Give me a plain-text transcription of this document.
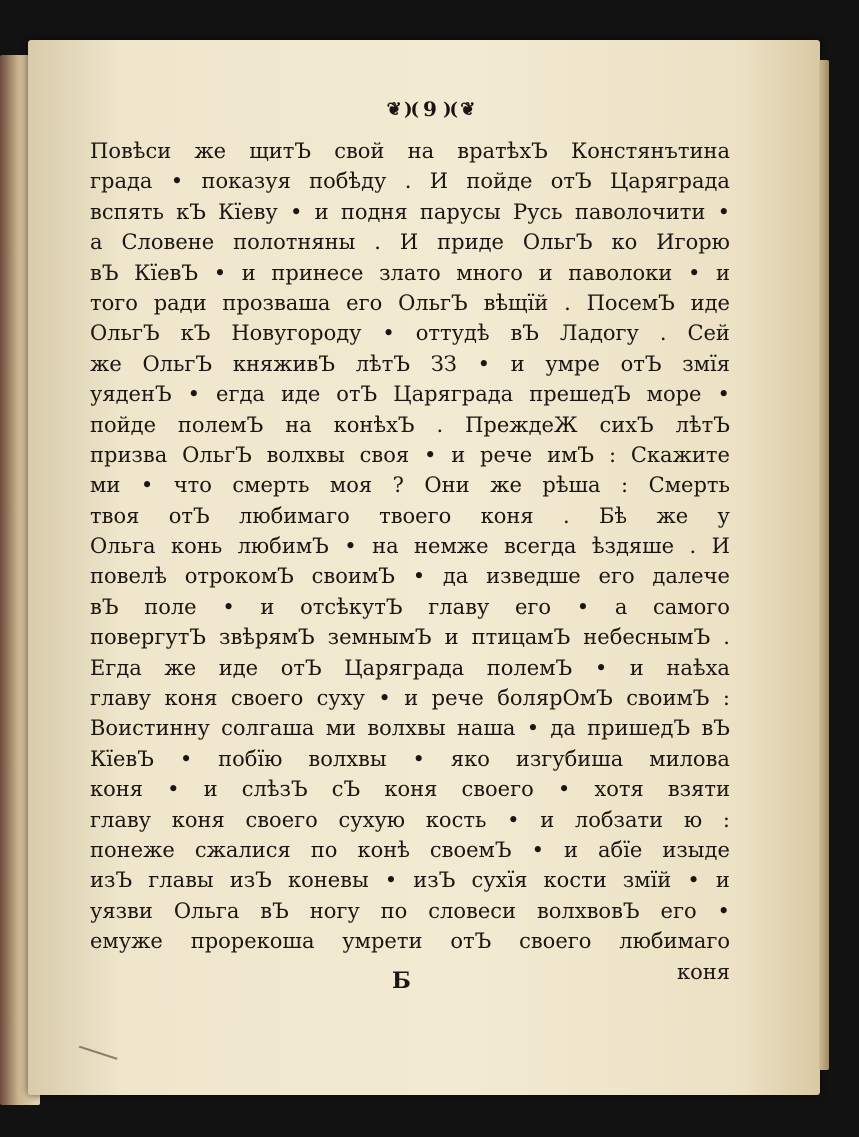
❦ )( 9 )( ❦
Повѣси же щитЪ свой на вратѣхЪ Констянътина
града • показуя побѣду . И пойде отЪ Царяграда
вспять кЪ Кїеву • и подня парусы Русь паволочити •
а Словене полотняны . И приде ОльгЪ ко Игорю
вЪ КїевЪ • и принесе злато много и паволоки • и
того ради прозваша его ОльгЪ вѣщїй . ПосемЪ иде
ОльгЪ кЪ Новугороду • оттудѣ вЪ Ладогу . Сей
же ОльгЪ княживЪ лѣтЪ ЗЗ • и умре отЪ змїя
уяденЪ • егда иде отЪ Царяграда прешедЪ море •
пойде полемЪ на конѣхЪ . ПреждеЖ сихЪ лѣтЪ
призва ОльгЪ волхвы своя • и рече имЪ : Скажите
ми • что смерть моя ? Они же рѣша : Смерть
твоя отЪ любимаго твоего коня . Бѣ же у
Ольга конь любимЪ • на немже всегда ѣздяше . И
повелѣ отрокомЪ своимЪ • да изведше его далече
вЪ поле • и отсѣкутЪ главу его • а самого
повергутЪ звѣрямЪ земнымЪ и птицамЪ небеснымЪ .
Егда же иде отЪ Царяграда полемЪ • и наѣха
главу коня своего суху • и рече болярОмЪ своимЪ :
Воистинну солгаша ми волхвы наша • да пришедЪ вЪ
КїевЪ • побїю волхвы • яко изгубиша милова
коня • и слѣзЪ сЪ коня своего • хотя взяти
главу коня своего сухую кость • и лобзати ю :
понеже сжалися по конѣ своемЪ • и абїе изыде
изЪ главы изЪ коневы • изЪ сухїя кости змїй • и
уязви Ольга вЪ ногу по словеси волхвовЪ его •
емуже прорекоша умрети отЪ своего любимаго
коня
Б
